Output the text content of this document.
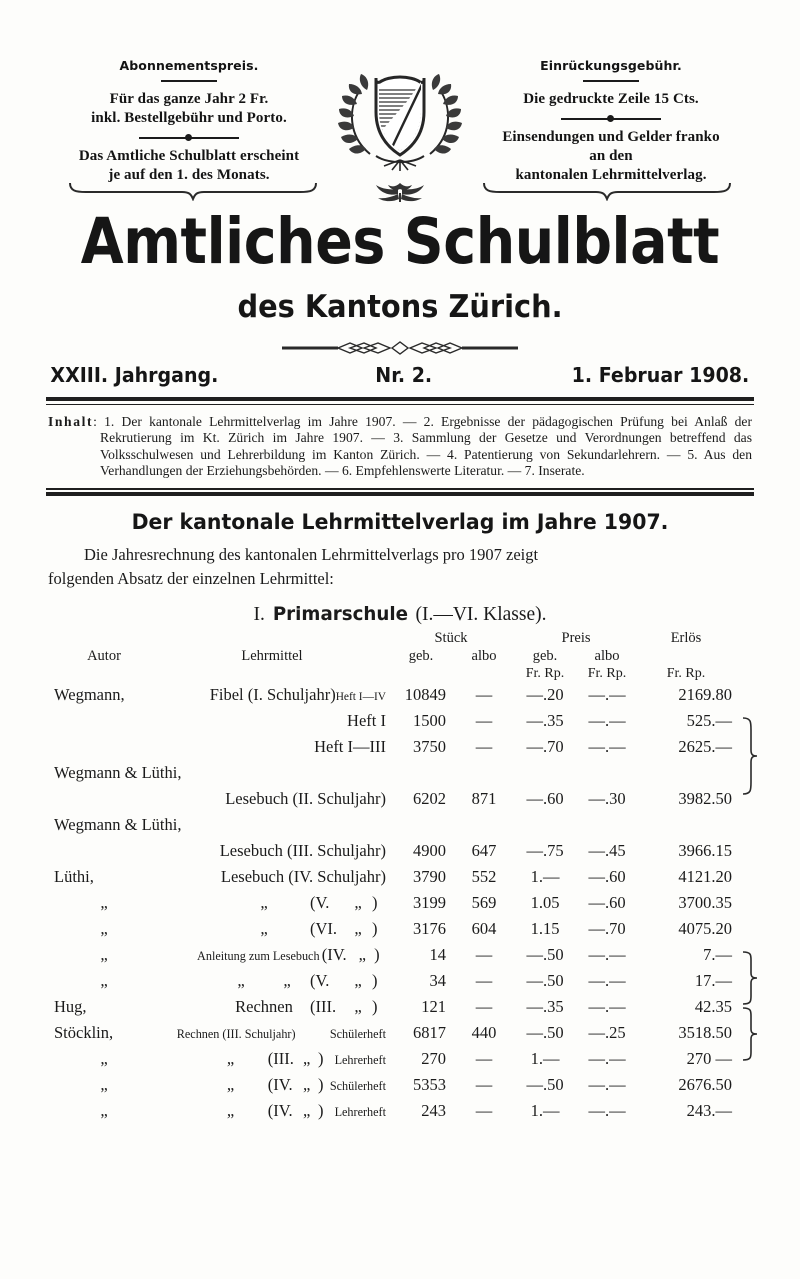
Abonnementspreis.
Für das ganze Jahr 2 Fr.
inkl. Bestellgebühr und Porto.
Das Amtliche Schulblatt erscheint
je auf den 1. des Monats.
Einrückungsgebühr.
Die gedruckte Zeile 15 Cts.
Einsendungen und Gelder franko
an den
kantonalen Lehrmittelverlag.
Amtliches Schulblatt
des Kantons Zürich.
XXIII. Jahrgang.	Nr. 2.	1. Februar 1908.
Inhalt: 1. Der kantonale Lehrmittelverlag im Jahre 1907. — 2. Ergebnisse der pädagogischen Prüfung bei Anlaß der Rekrutierung im Kt. Zürich im Jahre 1907. — 3. Sammlung der Gesetze und Verordnungen betreffend das Volksschulwesen und Lehrerbildung im Kanton Zürich. — 4. Patentierung von Sekundarlehrern. — 5. Aus den Verhandlungen der Erziehungsbehörden. — 6. Empfehlenswerte Literatur. — 7. Inserate.
Der kantonale Lehrmittelverlag im Jahre 1907.
Die Jahresrechnung des kantonalen Lehrmittelverlags pro 1907 zeigt
folgenden Absatz der einzelnen Lehrmittel:
I. Primarschule (I.—VI. Klasse).
		Stück		Preis		Erlös	
Autor	Lehrmittel	geb.	albo	geb.	albo		
				Fr. Rp.	Fr. Rp.	Fr. Rp.	
Wegmann,	Fibel (I. Schuljahr)Heft I—IV	10849	—	—.20	—.—	2169.80	
	Heft I	1500	—	—.35	—.—	525.—	
	Heft I—III	3750	—	—.70	—.—	2625.—	
Wegmann & Lüthi,							
	Lesebuch (II. Schuljahr)	6202	871	—.60	—.30	3982.50	
Wegmann & Lüthi,							
	Lesebuch (III. Schuljahr)	4900	647	—.75	—.45	3966.15	
Lüthi,	Lesebuch (IV. Schuljahr)	3790	552	1.—	—.60	4121.20	
„	„ (V. „ )	3199	569	1.05	—.60	3700.35	
„	„ (VI. „ )	3176	604	1.15	—.70	4075.20	
„	Anleitung zum Lesebuch (IV. „ )	14	—	—.50	—.—	7.—	
„	„ „ (V. „ )	34	—	—.50	—.—	17.—	
Hug,	Rechnen (III. „ )	121	—	—.35	—.—	42.35	
Stöcklin,	Rechnen (III. Schuljahr) Schülerheft	6817	440	—.50	—.25	3518.50	
„	„ (III. „ ) Lehrerheft	270	—	1.—	—.—	270 —	
„	„ (IV. „ ) Schülerheft	5353	—	—.50	—.—	2676.50	
„	„ (IV. „ ) Lehrerheft	243	—	1.—	—.—	243.—	
